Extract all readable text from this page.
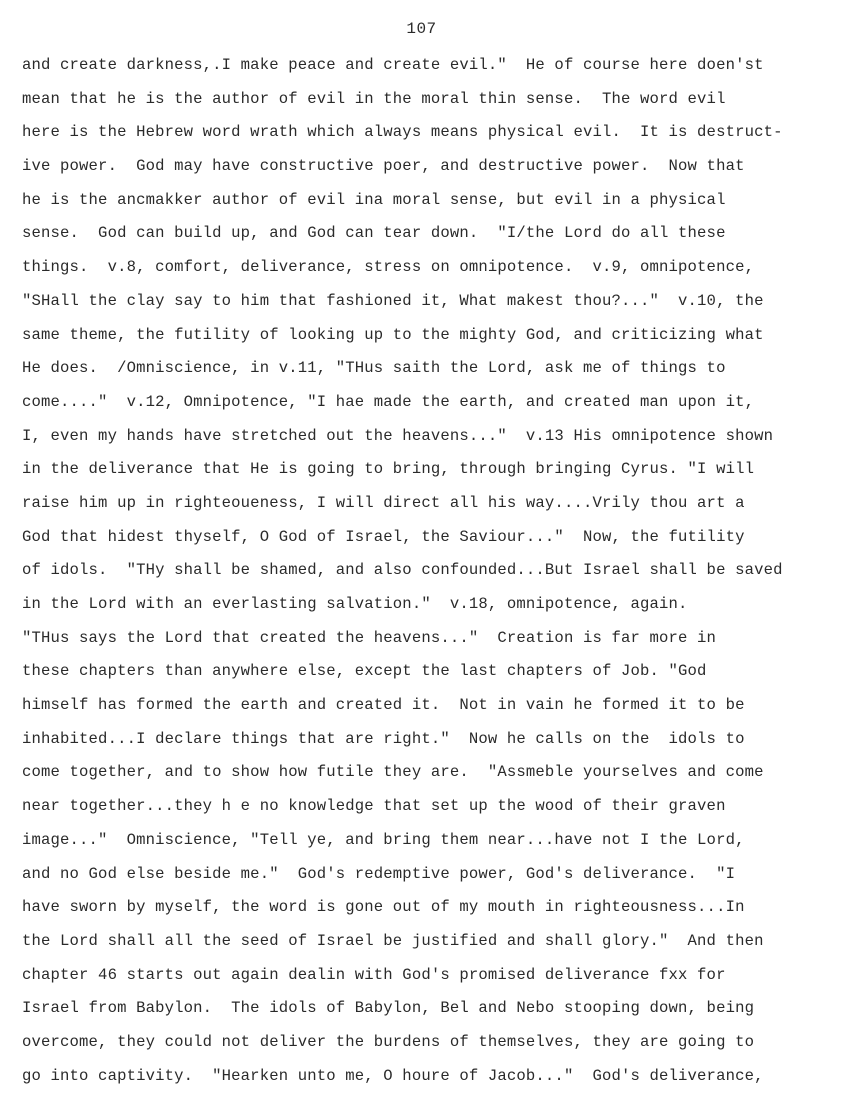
107
and create darkness,.I make peace and create evil."  He of course here doen'st
mean that he is the author of evil in the moral thin sense.  The word evil
here is the Hebrew word wrath which always means physical evil.  It is destruct-
ive power.  God may have constructive poer, and destructive power.  Now that
he is the ancmakker author of evil ina moral sense, but evil in a physical
sense.  God can build up, and God can tear down.  "I/the Lord do all these
things.  v.8, comfort, deliverance, stress on omnipotence.  v.9, omnipotence,
"SHall the clay say to him that fashioned it, What makest thou?..."  v.10, the
same theme, the futility of looking up to the mighty God, and criticizing what
He does.  /Omniscience, in v.11, "THus saith the Lord, ask me of things to
come...."  v.12, Omnipotence, "I hae made the earth, and created man upon it,
I, even my hands have stretched out the heavens..."  v.13 His omnipotence shown
in the deliverance that He is going to bring, through bringing Cyrus. "I will
raise him up in righteoueness, I will direct all his way....Vrily thou art a
God that hidest thyself, O God of Israel, the Saviour..."  Now, the futility
of idols.  "THy shall be shamed, and also confounded...But Israel shall be saved
in the Lord with an everlasting salvation."  v.18, omnipotence, again.
"THus says the Lord that created the heavens..."  Creation is far more in
these chapters than anywhere else, except the last chapters of Job. "God
himself has formed the earth and created it.  Not in vain he formed it to be
inhabited...I declare things that are right."  Now he calls on the  idols to
come together, and to show how futile they are.  "Assmeble yourselves and come
near together...they h e no knowledge that set up the wood of their graven
image..."  Omniscience, "Tell ye, and bring them near...have not I the Lord,
and no God else beside me."  God's redemptive power, God's deliverance.  "I
have sworn by myself, the word is gone out of my mouth in righteousness...In
the Lord shall all the seed of Israel be justified and shall glory."  And then
chapter 46 starts out again dealin with God's promised deliverance fxx for
Israel from Babylon.  The idols of Babylon, Bel and Nebo stooping down, being
overcome, they could not deliver the burdens of themselves, they are going to
go into captivity.  "Hearken unto me, O houre of Jacob..."  God's deliverance,
